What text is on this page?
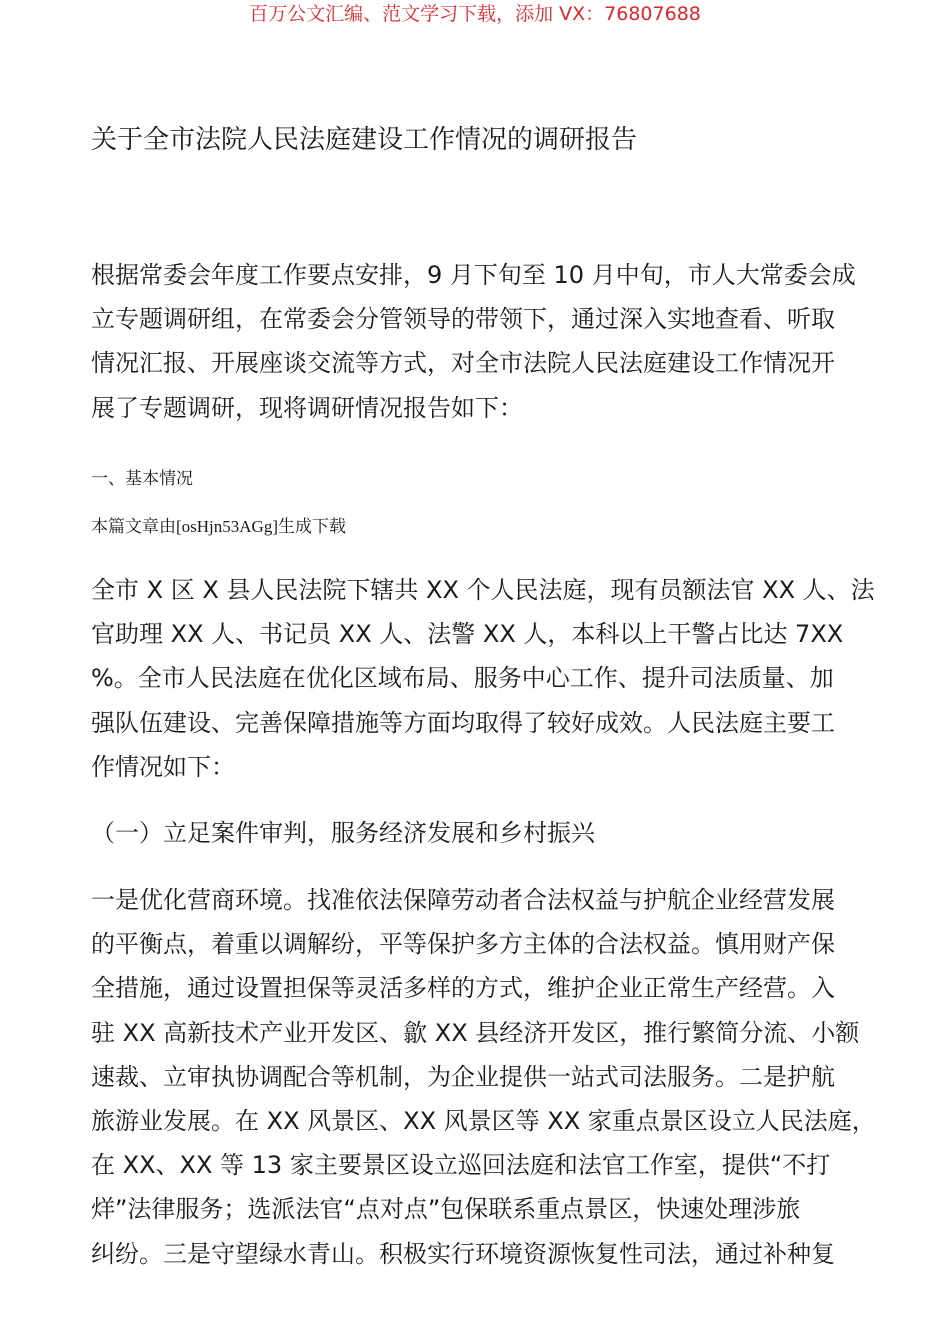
百万公文汇编、范文学习下载，添加 VX：76807688
关于全市法院人民法庭建设工作情况的调研报告
根据常委会年度工作要点安排，9 月下旬至 10 月中旬，市人大常委会成
立专题调研组，在常委会分管领导的带领下，通过深入实地查看、听取
情况汇报、开展座谈交流等方式，对全市法院人民法庭建设工作情况开
展了专题调研，现将调研情况报告如下：
一、基本情况
本篇文章由[osHjn53AGg]生成下载
全市 X 区 X 县人民法院下辖共 XX 个人民法庭，现有员额法官 XX 人、法
官助理 XX 人、书记员 XX 人、法警 XX 人，本科以上干警占比达 7XX
%。全市人民法庭在优化区域布局、服务中心工作、提升司法质量、加
强队伍建设、完善保障措施等方面均取得了较好成效。人民法庭主要工
作情况如下：
（一）立足案件审判，服务经济发展和乡村振兴
一是优化营商环境。找准依法保障劳动者合法权益与护航企业经营发展
的平衡点，着重以调解纷，平等保护多方主体的合法权益。慎用财产保
全措施，通过设置担保等灵活多样的方式，维护企业正常生产经营。入
驻 XX 高新技术产业开发区、歙 XX 县经济开发区，推行繁简分流、小额
速裁、立审执协调配合等机制，为企业提供一站式司法服务。二是护航
旅游业发展。在 XX 风景区、XX 风景区等 XX 家重点景区设立人民法庭，
在 XX、XX 等 13 家主要景区设立巡回法庭和法官工作室，提供“不打
烊”法律服务；选派法官“点对点”包保联系重点景区，快速处理涉旅
纠纷。三是守望绿水青山。积极实行环境资源恢复性司法，通过补种复
